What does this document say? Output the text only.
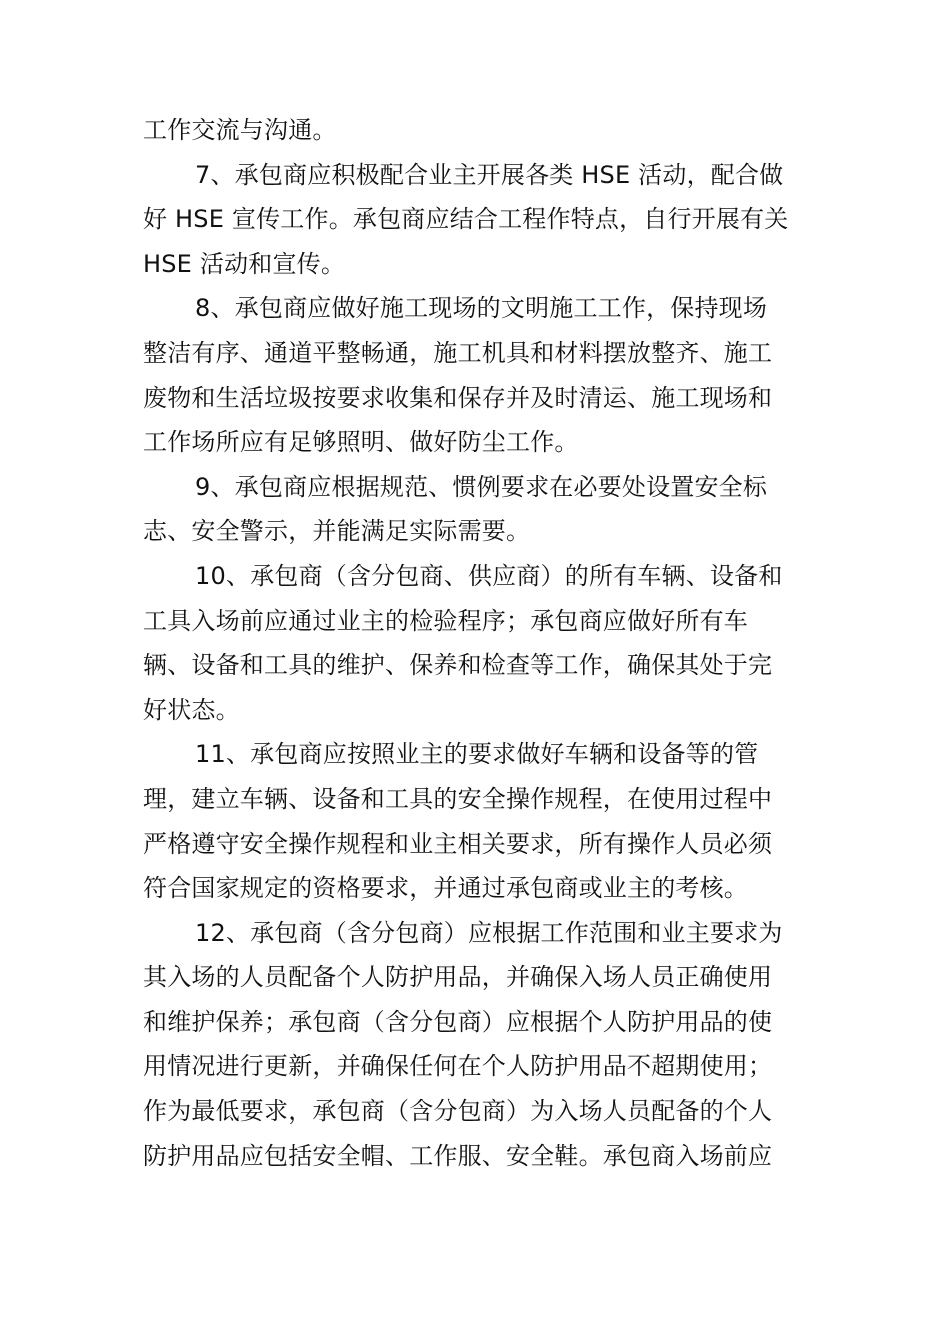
工作交流与沟通。
7、承包商应积极配合业主开展各类 HSE 活动，配合做
好 HSE 宣传工作。承包商应结合工程作特点，自行开展有关
HSE 活动和宣传。
8、承包商应做好施工现场的文明施工工作，保持现场
整洁有序、通道平整畅通，施工机具和材料摆放整齐、施工
废物和生活垃圾按要求收集和保存并及时清运、施工现场和
工作场所应有足够照明、做好防尘工作。
9、承包商应根据规范、惯例要求在必要处设置安全标
志、安全警示，并能满足实际需要。
10、承包商（含分包商、供应商）的所有车辆、设备和
工具入场前应通过业主的检验程序；承包商应做好所有车
辆、设备和工具的维护、保养和检查等工作，确保其处于完
好状态。
11、承包商应按照业主的要求做好车辆和设备等的管
理，建立车辆、设备和工具的安全操作规程，在使用过程中
严格遵守安全操作规程和业主相关要求，所有操作人员必须
符合国家规定的资格要求，并通过承包商或业主的考核。
12、承包商（含分包商）应根据工作范围和业主要求为
其入场的人员配备个人防护用品，并确保入场人员正确使用
和维护保养；承包商（含分包商）应根据个人防护用品的使
用情况进行更新，并确保任何在个人防护用品不超期使用；
作为最低要求，承包商（含分包商）为入场人员配备的个人
防护用品应包括安全帽、工作服、安全鞋。承包商入场前应
